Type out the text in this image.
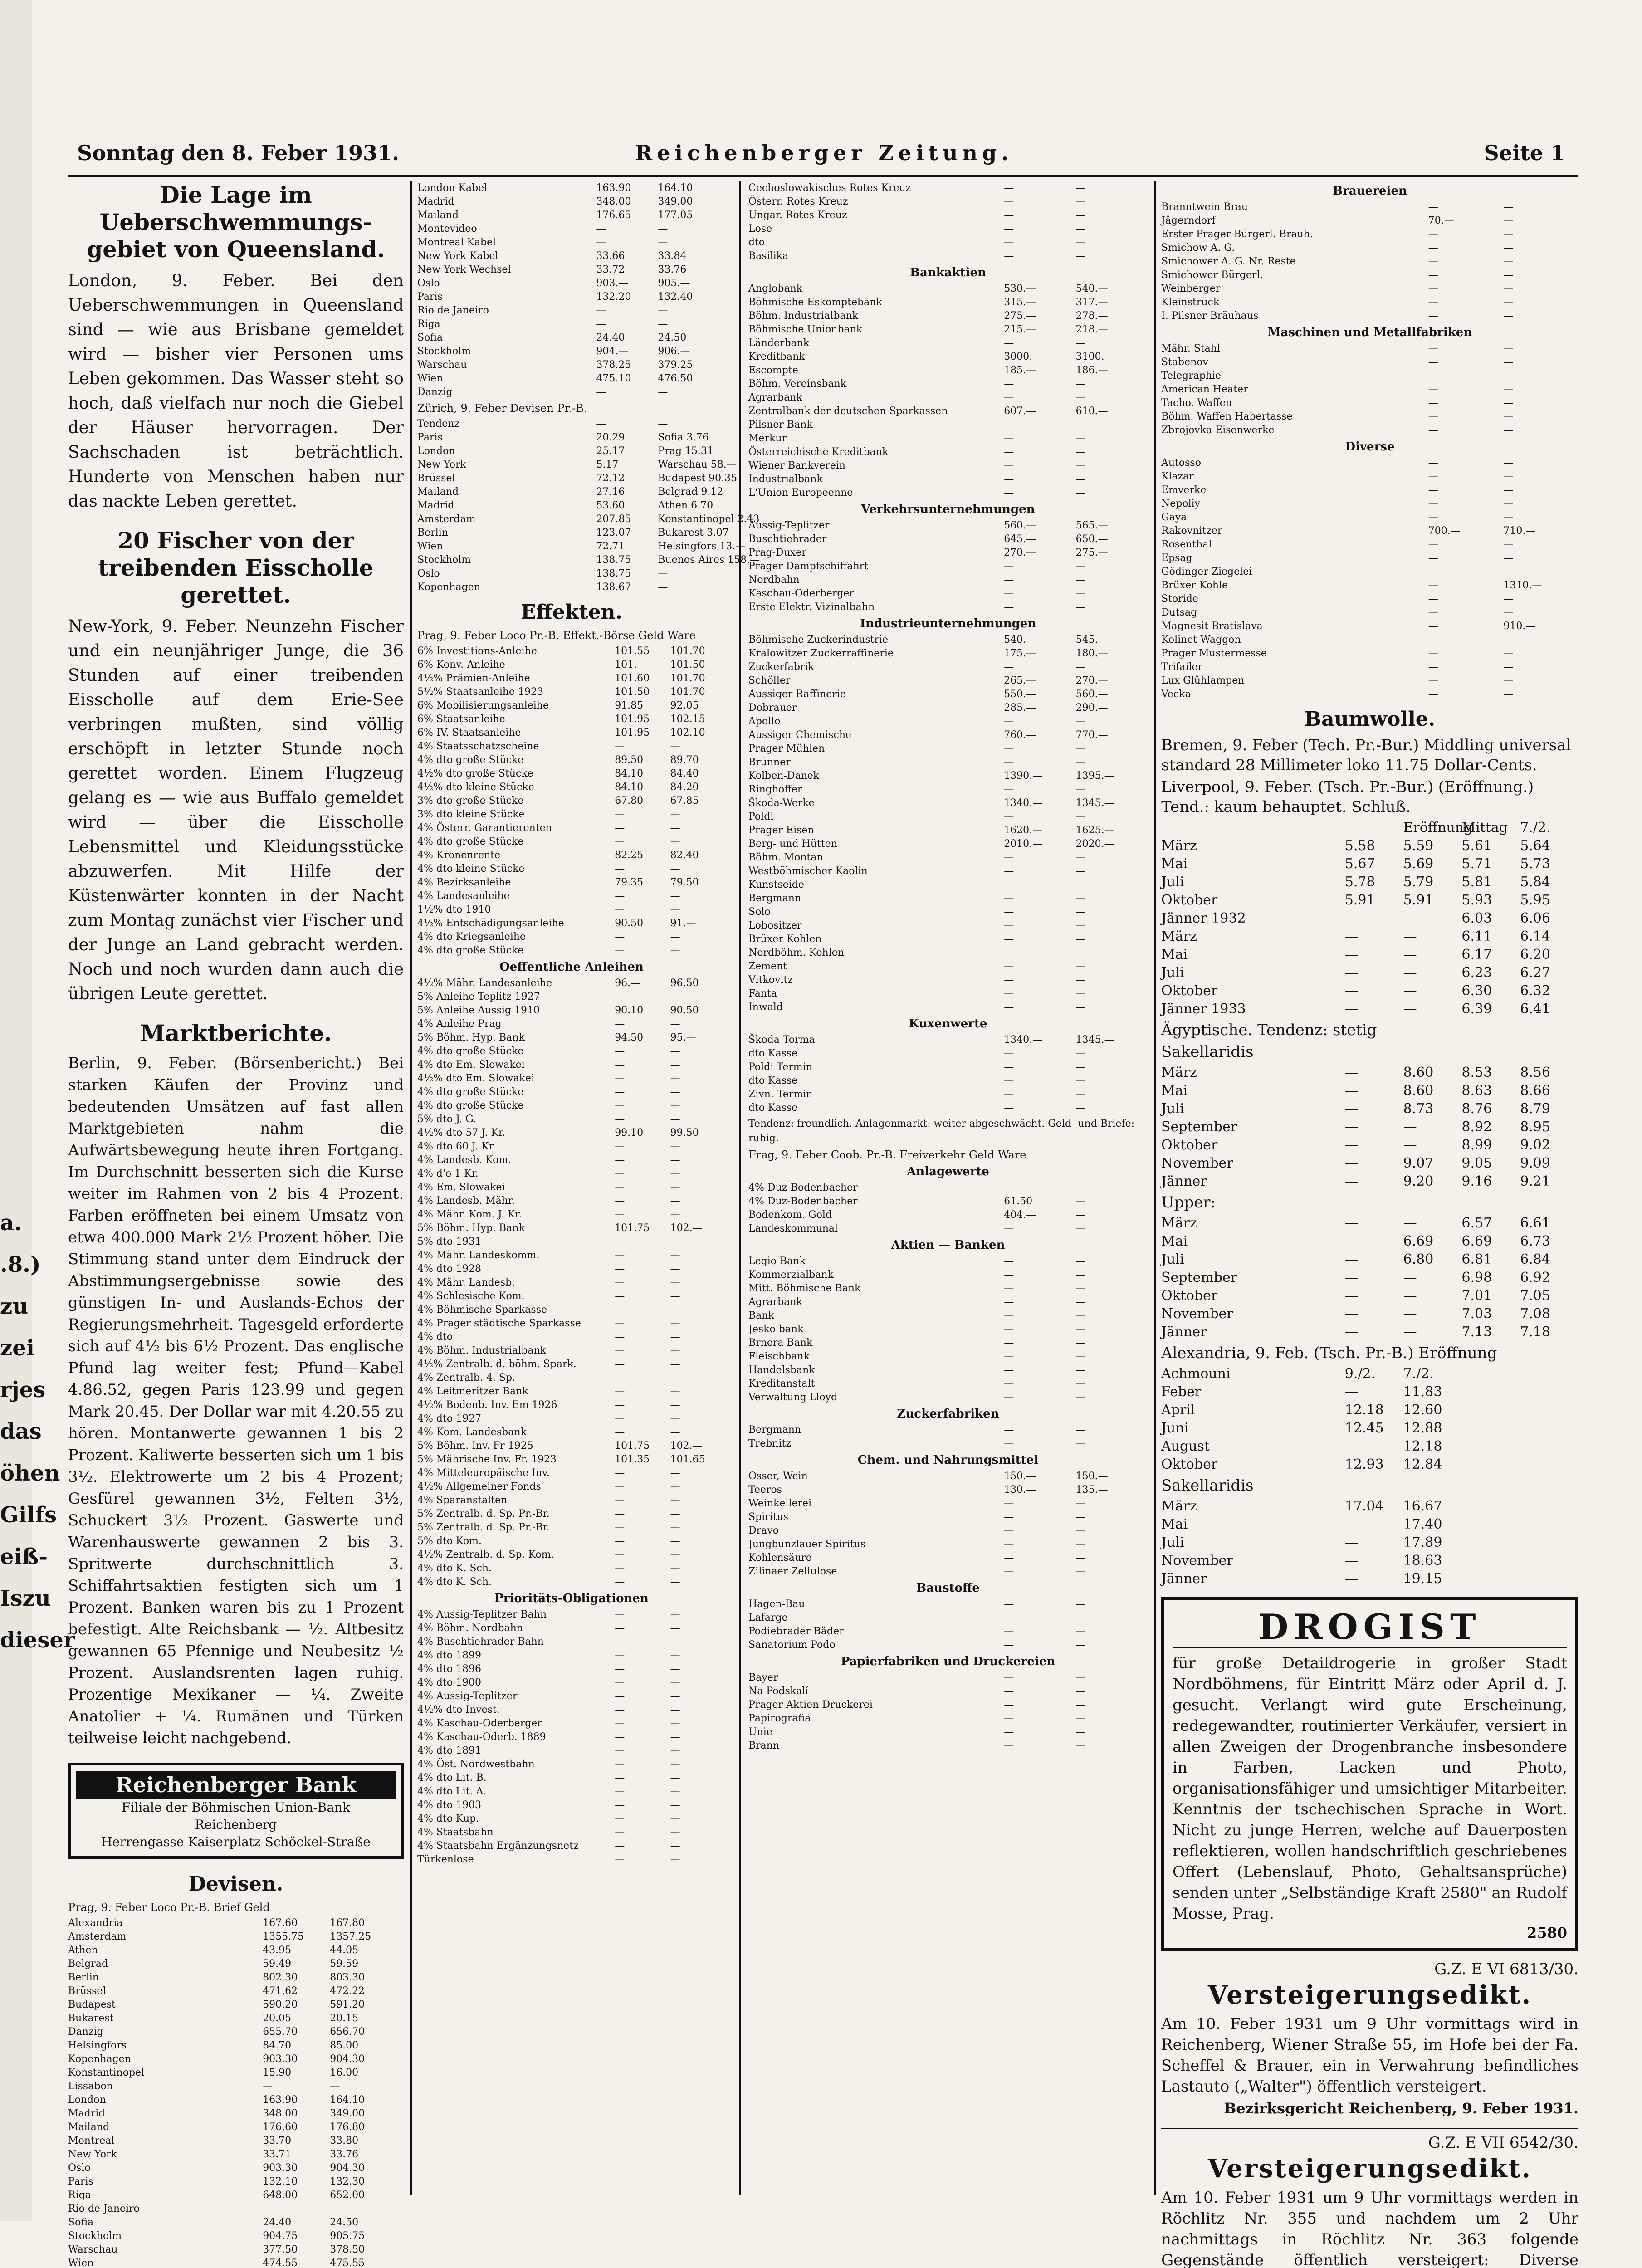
a.
.8.)
zu
zei
rjes
das
öhen
Gilfs
eiß-
Iszu
dieser
Sonntag den 8. Feber 1931.	Reichenberger Zeitung.	Seite 1
Die Lage im Ueberschwemmungs-gebiet von Queensland.
London, 9. Feber. Bei den Ueberschwemmungen in Queensland sind — wie aus Brisbane gemeldet wird — bisher vier Personen ums Leben gekommen. Das Wasser steht so hoch, daß vielfach nur noch die Giebel der Häuser hervorragen. Der Sachschaden ist beträchtlich. Hunderte von Menschen haben nur das nackte Leben gerettet.
20 Fischer von der treibenden Eisscholle gerettet.
New-York, 9. Feber. Neunzehn Fischer und ein neunjähriger Junge, die 36 Stunden auf einer treibenden Eisscholle auf dem Erie-See verbringen mußten, sind völlig erschöpft in letzter Stunde noch gerettet worden. Einem Flugzeug gelang es — wie aus Buffalo gemeldet wird — über die Eisscholle Lebensmittel und Kleidungsstücke abzuwerfen. Mit Hilfe der Küstenwärter konnten in der Nacht zum Montag zunächst vier Fischer und der Junge an Land gebracht werden. Noch und noch wurden dann auch die übrigen Leute gerettet.
Marktberichte.
Berlin, 9. Feber. (Börsenbericht.) Bei starken Käufen der Provinz und bedeutenden Umsätzen auf fast allen Marktgebieten nahm die Aufwärtsbewegung heute ihren Fortgang. Im Durchschnitt besserten sich die Kurse weiter im Rahmen von 2 bis 4 Prozent. Farben eröffneten bei einem Umsatz von etwa 400.000 Mark 2½ Prozent höher. Die Stimmung stand unter dem Eindruck der Abstimmungsergebnisse sowie des günstigen In- und Auslands-Echos der Regierungsmehrheit. Tagesgeld erforderte sich auf 4½ bis 6½ Prozent. Das englische Pfund lag weiter fest; Pfund—Kabel 4.86.52, gegen Paris 123.99 und gegen Mark 20.45. Der Dollar war mit 4.20.55 zu hören. Montanwerte gewannen 1 bis 2 Prozent. Kaliwerte besserten sich um 1 bis 3½. Elektrowerte um 2 bis 4 Prozent; Gesfürel gewannen 3½, Felten 3½, Schuckert 3½ Prozent. Gaswerte und Warenhauswerte gewannen 2 bis 3. Spritwerte durchschnittlich 3. Schiffahrtsaktien festigten sich um 1 Prozent. Banken waren bis zu 1 Prozent befestigt. Alte Reichsbank — ½. Altbesitz gewannen 65 Pfennige und Neubesitz ½ Prozent. Auslandsrenten lagen ruhig. Prozentige Mexikaner — ¼. Zweite Anatolier + ¼. Rumänen und Türken teilweise leicht nachgebend.
Reichenberger Bank
Filiale der Böhmischen Union-Bank
Reichenberg
Herrengasse Kaiserplatz Schöckel-Straße
Devisen.
Prag, 9. Feber Loco Pr.-B. Brief Geld
Alexandria	167.60	167.80
Amsterdam	1355.75	1357.25
Athen	43.95	44.05
Belgrad	59.49	59.59
Berlin	802.30	803.30
Brüssel	471.62	472.22
Budapest	590.20	591.20
Bukarest	20.05	20.15
Danzig	655.70	656.70
Helsingfors	84.70	85.00
Kopenhagen	903.30	904.30
Konstantinopel	15.90	16.00
Lissabon	—	—
London	163.90	164.10
Madrid	348.00	349.00
Mailand	176.60	176.80
Montreal	33.70	33.80
New York	33.71	33.76
Oslo	903.30	904.30
Paris	132.10	132.30
Riga	648.00	652.00
Rio de Janeiro	—	—
Sofia	24.40	24.50
Stockholm	904.75	905.75
Warschau	377.50	378.50
Wien	474.55	475.55
London Kabel	163.90	164.10
Madrid	348.00	349.00
Mailand	176.65	177.05
Montevideo	—	—
Montreal Kabel	—	—
New York Kabel	33.66	33.84
New York Wechsel	33.72	33.76
Oslo	903.—	905.—
Paris	132.20	132.40
Rio de Janeiro	—	—
Riga	—	—
Sofia	24.40	24.50
Stockholm	904.—	906.—
Warschau	378.25	379.25
Wien	475.10	476.50
Danzig	—	—
Zürich, 9. Feber Devisen Pr.-B.
Tendenz	—	—
Paris	20.29	Sofia 3.76
London	25.17	Prag 15.31
New York	5.17	Warschau 58.—
Brüssel	72.12	Budapest 90.35
Mailand	27.16	Belgrad 9.12
Madrid	53.60	Athen 6.70
Amsterdam	207.85	Konstantinopel 2.43
Berlin	123.07	Bukarest 3.07
Wien	72.71	Helsingfors 13.—
Stockholm	138.75	Buenos Aires 158.—
Oslo	138.75	—
Kopenhagen	138.67	—
Effekten.
Prag, 9. Feber Loco Pr.-B. Effekt.-Börse Geld Ware
6% Investitions-Anleihe	101.55 101.70
6% Konv.-Anleihe	101.— 101.50
4½% Prämien-Anleihe	101.60 101.70
5½% Staatsanleihe 1923	101.50 101.70
6% Mobilisierungsanleihe	91.85	92.05
6% Staatsanleihe	101.95 102.15
6% IV. Staatsanleihe	101.95 102.10
4% Staatsschatzscheine	—	—
4% dto große Stücke	89.50	89.70
4½% dto große Stücke	84.10	84.40
4½% dto kleine Stücke	84.10	84.20
3% dto große Stücke	67.80	67.85
3% dto kleine Stücke	—	—
4% Österr. Garantierenten	—	—
4% dto große Stücke	—	—
4% Kronenrente	82.25	82.40
4% dto kleine Stücke	—	—
4% Bezirksanleihe	79.35	79.50
4% Landesanleihe	—	—
1½% dto 1910	—	—
4½% Entschädigungsanleihe	90.50	91.—
4% dto Kriegsanleihe	—	—
4% dto große Stücke	—	—
Oeffentliche Anleihen
4½% Mähr. Landesanleihe	96.—	96.50
5% Anleihe Teplitz 1927	—	—
5% Anleihe Aussig 1910	90.10	90.50
4% Anleihe Prag	—	—
5% Böhm. Hyp. Bank	94.50	95.—
4% dto große Stücke	—	—
4% dto Em. Slowakei	—	—
4½% dto Em. Slowakei	—	—
4% dto große Stücke	—	—
4% dto große Stücke	—	—
5% dto J. G.	—	—
4½% dto 57 J. Kr.	99.10	99.50
4% dto 60 J. Kr.	—	—
4% Landesb. Kom.	—	—
4% d'o 1 Kr.	—	—
4% Em. Slowakei	—	—
4% Landesb. Mähr.	—	—
4% Mähr. Kom. J. Kr.	—	—
5% Böhm. Hyp. Bank	101.75 102.—
5% dto 1931	—	—
4% Mähr. Landeskomm.	—	—
4% dto 1928	—	—
4% Mähr. Landesb.	—	—
4% Schlesische Kom.	—	—
4% Böhmische Sparkasse	—	—
4% Prager städtische Sparkasse	—	—
4% dto	—	—
4% Böhm. Industrialbank	—	—
4½% Zentralb. d. böhm. Spark.	—	—
4% Zentralb. 4. Sp.	—	—
4% Leitmeritzer Bank	—	—
4½% Bodenb. Inv. Em 1926	—	—
4% dto 1927	—	—
4% Kom. Landesbank	—	—
5% Böhm. Inv. Fr 1925	101.75 102.—
5% Mährische Inv. Fr. 1923	101.35 101.65
4% Mitteleuropäische Inv.	—	—
4½% Allgemeiner Fonds	—	—
4% Sparanstalten	—	—
5% Zentralb. d. Sp. Pr.-Br.	—	—
5% Zentralb. d. Sp. Pr.-Br.	—	—
5% dto Kom.	—	—
4½% Zentralb. d. Sp. Kom.	—	—
4% dto K. Sch.	—	—
4% dto K. Sch.	—	—
Prioritäts-Obligationen
4% Aussig-Teplitzer Bahn	—	—
4% Böhm. Nordbahn	—	—
4% Buschtiehrader Bahn	—	—
4% dto 1899	—	—
4% dto 1896	—	—
4% dto 1900	—	—
4% Aussig-Teplitzer	—	—
4½% dto Invest.	—	—
4% Kaschau-Oderberger	—	—
4% Kaschau-Oderb. 1889	—	—
4% dto 1891	—	—
4% Öst. Nordwestbahn	—	—
4% dto Lit. B.	—	—
4% dto Lit. A.	—	—
4% dto 1903	—	—
4% dto Kup.	—	—
4% Staatsbahn	—	—
4% Staatsbahn Ergänzungsnetz	—	—
Türkenlose	—	—
Cechoslowakisches Rotes Kreuz	—	—
Österr. Rotes Kreuz	—	—
Ungar. Rotes Kreuz	—	—
Lose	—	—
dto	—	—
Basilika	—	—
Bankaktien
Anglobank	530.—	540.—
Böhmische Eskomptebank	315.—	317.—
Böhm. Industrialbank	275.—	278.—
Böhmische Unionbank	215.—	218.—
Länderbank	—	—
Kreditbank	3000.—	3100.—
Escompte	185.—	186.—
Böhm. Vereinsbank	—	—
Agrarbank	—	—
Zentralbank der deutschen Sparkassen	607.—	610.—
Pilsner Bank	—	—
Merkur	—	—
Österreichische Kreditbank	—	—
Wiener Bankverein	—	—
Industrialbank	—	—
L'Union Européenne	—	—
Verkehrsunternehmungen
Aussig-Teplitzer	560.—	565.—
Buschtiehrader	645.—	650.—
Prag-Duxer	270.—	275.—
Prager Dampfschiffahrt	—	—
Nordbahn	—	—
Kaschau-Oderberger	—	—
Erste Elektr. Vizinalbahn	—	—
Industrieunternehmungen
Böhmische Zuckerindustrie	540.—	545.—
Kralowitzer Zuckerraffinerie	175.—	180.—
Zuckerfabrik	—	—
Schöller	265.—	270.—
Aussiger Raffinerie	550.—	560.—
Dobrauer	285.—	290.—
Apollo	—	—
Aussiger Chemische	760.—	770.—
Prager Mühlen	—	—
Brünner	—	—
Kolben-Danek	1390.—	1395.—
Ringhoffer	—	—
Škoda-Werke	1340.—	1345.—
Poldi	—	—
Prager Eisen	1620.—	1625.—
Berg- und Hütten	2010.—	2020.—
Böhm. Montan	—	—
Westböhmischer Kaolin	—	—
Kunstseide	—	—
Bergmann	—	—
Solo	—	—
Lobositzer	—	—
Brüxer Kohlen	—	—
Nordböhm. Kohlen	—	—
Zement	—	—
Vitkovitz	—	—
Fanta	—	—
Inwald	—	—
Kuxenwerte
Škoda Torma	1340.—	1345.—
dto Kasse	—	—
Poldi Termin	—	—
dto Kasse	—	—
Zivn. Termin	—	—
dto Kasse	—	—
Tendenz: freundlich. Anlagenmarkt: weiter abgeschwächt. Geld- und Briefe: ruhig.
Frag, 9. Feber Coob. Pr.-B. Freiverkehr Geld Ware
Anlagewerte
4% Duz-Bodenbacher	—	—
4% Duz-Bodenbacher	61.50	—
Bodenkom. Gold	404.—	—
Landeskommunal	—	—
Aktien — Banken
Legio Bank	—	—
Kommerzialbank	—	—
Mitt. Böhmische Bank	—	—
Agrarbank	—	—
Bank	—	—
Jesko bank	—	—
Brnera Bank	—	—
Fleischbank	—	—
Handelsbank	—	—
Kreditanstalt	—	—
Verwaltung Lloyd	—	—
Zuckerfabriken
Bergmann	—	—
Trebnitz	—	—
Chem. und Nahrungsmittel
Osser, Wein	150.—	150.—
Teeros	130.—	135.—
Weinkellerei	—	—
Spiritus	—	—
Dravo	—	—
Jungbunzlauer Spiritus	—	—
Kohlensäure	—	—
Zilinaer Zellulose	—	—
Baustoffe
Hagen-Bau	—	—
Lafarge	—	—
Podiebrader Bäder	—	—
Sanatorium Podo	—	—
Papierfabriken und Druckereien
Bayer	—	—
Na Podskalí	—	—
Prager Aktien Druckerei	—	—
Papirografia	—	—
Unie	—	—
Brann	—	—
Brauereien
Branntwein Brau	—	—
Jägerndorf	70.—	—
Erster Prager Bürgerl. Brauh.	—	—
Smichow A. G.	—	—
Smichower A. G. Nr. Reste	—	—
Smichower Bürgerl.	—	—
Weinberger	—	—
Kleinstrück	—	—
I. Pilsner Bräuhaus	—	—
Maschinen und Metallfabriken
Mähr. Stahl	—	—
Stabenov	—	—
Telegraphie	—	—
American Heater	—	—
Tacho. Waffen	—	—
Böhm. Waffen Habertasse	—	—
Zbrojovka Eisenwerke	—	—
Diverse
Autosso	—	—
Klazar	—	—
Emverke	—	—
Nepoliy	—	—
Gaya	—	—
Rakovnitzer	700.—	710.—
Rosenthal	—	—
Epsag	—	—
Gödinger Ziegelei	—	—
Brüxer Kohle	—	1310.—
Storide	—	—
Dutsag	—	—
Magnesit Bratislava	—	910.—
Kolinet Waggon	—	—
Prager Mustermesse	—	—
Trifailer	—	—
Lux Glühlampen	—	—
Vecka	—	—
Baumwolle.
Bremen, 9. Feber (Tech. Pr.-Bur.) Middling universal standard 28 Millimeter loko 11.75 Dollar-Cents.
Liverpool, 9. Feber. (Tsch. Pr.-Bur.) (Eröffnung.) Tend.: kaum behauptet. Schluß.
Eröffnung
Mittag 7./2.
März	5.58 5.59 5.61 5.64
Mai	5.67 5.69 5.71 5.73
Juli	5.78 5.79 5.81 5.84
Oktober	5.91 5.91 5.93 5.95
Jänner 1932	—	—	6.03 6.06
März	—	—	6.11 6.14
Mai	—	—	6.17 6.20
Juli	—	—	6.23 6.27
Oktober	—	—	6.30 6.32
Jänner 1933	—	—	6.39 6.41
Ägyptische. Tendenz: stetig
Sakellaridis
März	—	8.60 8.53 8.56
Mai	—	8.60 8.63 8.66
Juli	—	8.73 8.76 8.79
September	—	—	8.92 8.95
Oktober	—	—	8.99 9.02
November	—	9.07 9.05 9.09
Jänner	—	9.20 9.16 9.21
Upper:
März	—	—	6.57 6.61
Mai	—	6.69 6.69 6.73
Juli	—	6.80 6.81 6.84
September	—	—	6.98 6.92
Oktober	—	—	7.01 7.05
November	—	—	7.03 7.08
Jänner	—	—	7.13 7.18
Alexandria, 9. Feb. (Tsch. Pr.-B.) Eröffnung
Achmouni	9./2. 7./2.
Feber	—	11.83
April	12.18 12.60
Juni	12.45 12.88
August	—	12.18
Oktober	12.93 12.84
Sakellaridis
März	17.04 16.67
Mai	—	17.40
Juli	—	17.89
November	—	18.63
Jänner	—	19.15
DROGIST
für große Detaildrogerie in großer Stadt Nordböhmens, für Eintritt März oder April d. J. gesucht. Verlangt wird gute Erscheinung, redegewandter, routinierter Verkäufer, versiert in allen Zweigen der Drogenbranche insbesondere in Farben, Lacken und Photo, organisationsfähiger und umsichtiger Mitarbeiter. Kenntnis der tschechischen Sprache in Wort. Nicht zu junge Herren, welche auf Dauerposten reflektieren, wollen handschriftlich geschriebenes Offert (Lebenslauf, Photo, Gehaltsansprüche) senden unter „Selbständige Kraft 2580" an Rudolf Mosse, Prag.
2580
G.Z. E VI 6813/30.
Versteigerungsedikt.
Am 10. Feber 1931 um 9 Uhr vormittags wird in Reichenberg, Wiener Straße 55, im Hofe bei der Fa. Scheffel & Brauer, ein in Verwahrung befindliches Lastauto („Walter") öffentlich versteigert.
Bezirksgericht Reichenberg, 9. Feber 1931.
G.Z. E VII 6542/30.
Versteigerungsedikt.
Am 10. Feber 1931 um 9 Uhr vormittags werden in Röchlitz Nr. 355 und nachdem um 2 Uhr nachmittags in Röchlitz Nr. 363 folgende Gegenstände öffentlich versteigert: Diverse
